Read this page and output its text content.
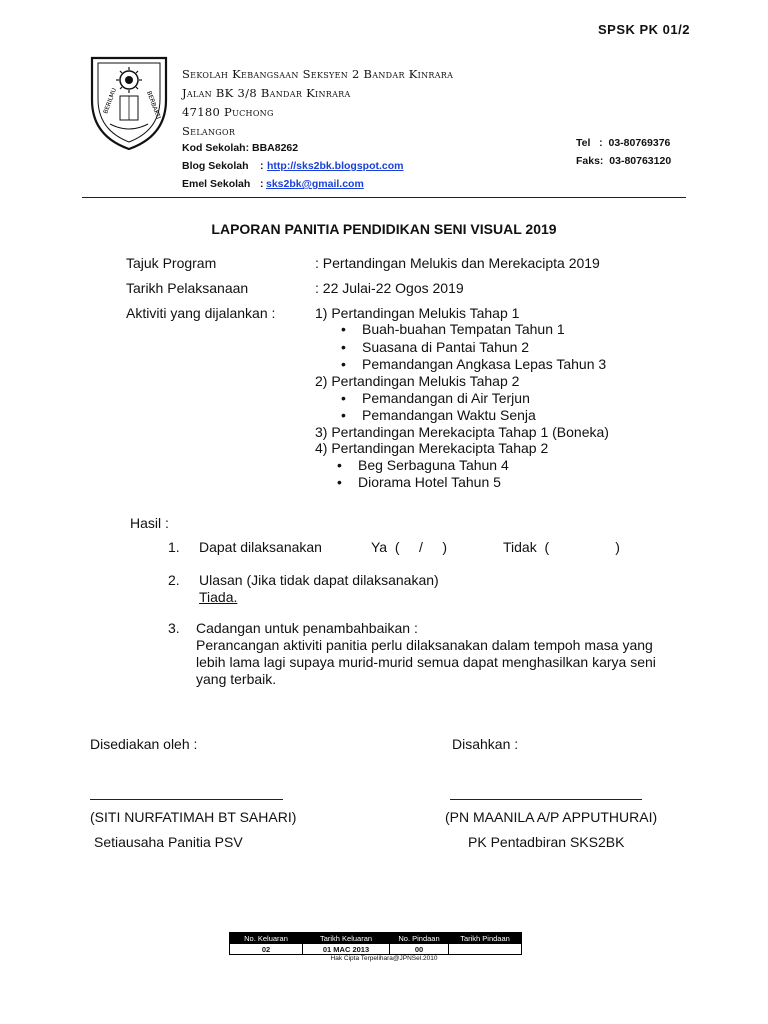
SPSK PK 01/2
BERILMU	BERBAKTI
Sekolah Kebangsaan Seksyen 2 Bandar Kinrara
Jalan BK 3/8 Bandar Kinrara
47180 Puchong
Selangor
Kod Sekolah: BBA8262
Blog Sekolah : http://sks2bk.blogspot.com
Emel Sekolah : sks2bk@gmail.com
Tel   :  03-80769376
Faks:  03-80763120
LAPORAN PANITIA PENDIDIKAN SENI VISUAL 2019
Tajuk Program	: Pertandingan Melukis dan Merekacipta 2019
Tarikh Pelaksanaan	: 22 Julai-22 Ogos 2019
Aktiviti yang dijalankan :	1) Pertandingan Melukis Tahap 1
• Buah-buahan Tempatan Tahun 1
• Suasana di Pantai Tahun 2
• Pemandangan Angkasa Lepas Tahun 3
2) Pertandingan Melukis Tahap 2
• Pemandangan di Air Terjun
• Pemandangan Waktu Senja
3) Pertandingan Merekacipta Tahap 1 (Boneka)
4) Pertandingan Merekacipta Tahap 2
• Beg Serbaguna Tahun 4
• Diorama Hotel Tahun 5
Hasil :
1. Dapat dilaksanakan	Ya  (     /     )	Tidak  (                 )
2. Ulasan (Jika tidak dapat dilaksanakan)
Tiada.
3. Cadangan untuk penambahbaikan :
Perancangan aktiviti panitia perlu dilaksanakan dalam tempoh masa yang
lebih lama lagi supaya murid-murid semua dapat menghasilkan karya seni
yang terbaik.
Disediakan oleh :	Disahkan :
(SITI NURFATIMAH BT SAHARI)	(PN MAANILA A/P APPUTHURAI)
Setiausaha Panitia PSV	PK Pentadbiran SKS2BK
No. Keluaran	Tarikh Keluaran	No. Pindaan	Tarikh Pindaan
02	01 MAC 2013	00	
Hak Cipta Terpelihara@JPNSel.2010
